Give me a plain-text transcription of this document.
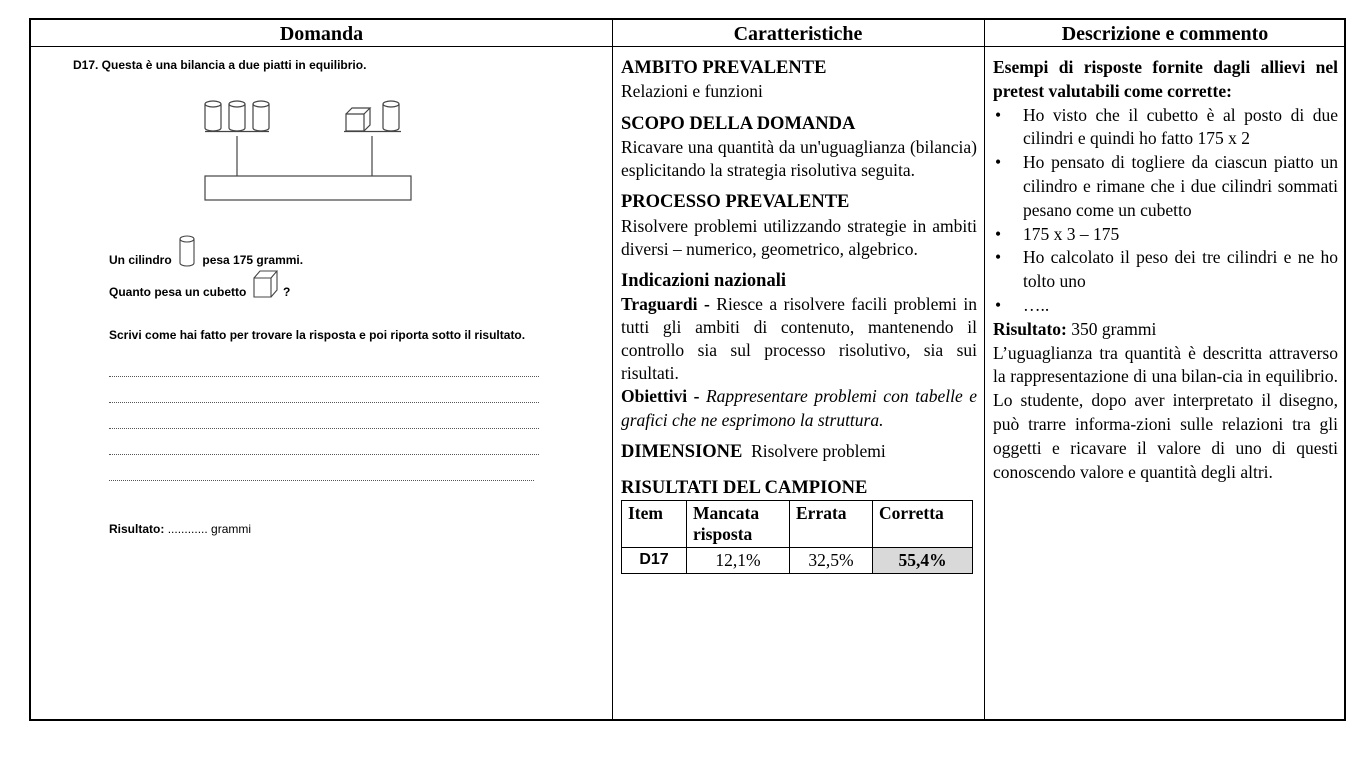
Domanda	Caratteristiche	Descrizione e commento
D17. Questa è una bilancia a due piatti in equilibrio.
Un cilindro	pesa 175 grammi.
Quanto pesa un cubetto	?
Scrivi come hai fatto per trovare la risposta e poi riporta sotto il risultato.
Risultato: ............ grammi

AMBITO PREVALENTE

Relazioni e funzioni

SCOPO DELLA DOMANDA

Ricavare una quantità da un'uguaglianza (bilancia) esplicitando la strategia risolutiva seguita.

PROCESSO PREVALENTE

Risolvere problemi utilizzando strategie in ambiti diversi – numerico, geometrico, algebrico.

Indicazioni nazionali

Traguardi - Riesce a risolvere facili problemi in tutti gli ambiti di contenuto, mantenendo il controllo sia sul processo risolutivo, sia sui risultati.

Obiettivi - Rappresentare problemi con tabelle e grafici che ne esprimono la struttura.

DIMENSIONE Risolvere problemi

RISULTATI DEL CAMPIONE

Item	Mancata risposta	Errata	Corretta
D17	12,1%	32,5%	55,4%

Esempi di risposte fornite dagli allievi nel pretest valutabili come corrette:

• Ho visto che il cubetto è al posto di due cilindri e quindi ho fatto 175 x 2
• Ho pensato di togliere da ciascun piatto un cilindro e rimane che i due cilindri sommati pesano come un cubetto
• 175 x 3 – 175
• Ho calcolato il peso dei tre cilindri e ne ho tolto uno
• …..

Risultato: 350 grammi

L’uguaglianza tra quantità è descritta attraverso la rappresentazione di una bilan-cia in equilibrio. Lo studente, dopo aver interpretato il disegno, può trarre informa-zioni sulle relazioni tra gli oggetti e ricavare il valore di uno di questi conoscendo valore e quantità degli altri.
